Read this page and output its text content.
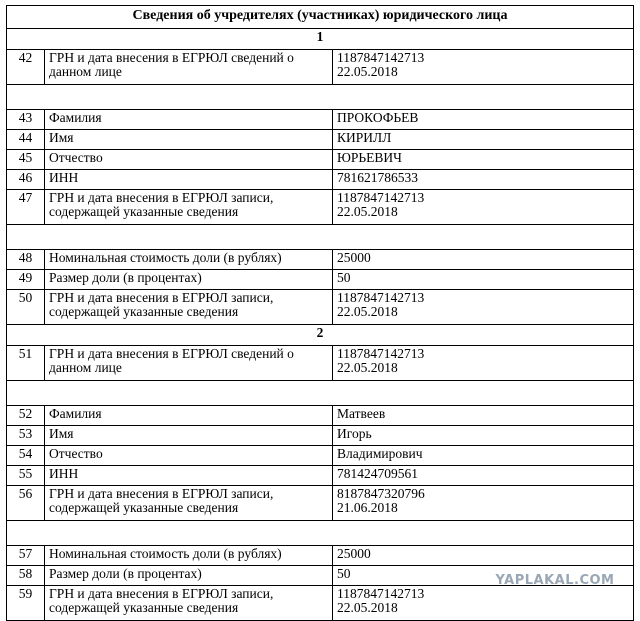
Сведения об учредителях (участниках) юридического лица		
1		
42	ГРН и дата внесения в ЕГРЮЛ сведений о
данном лице	1187847142713
22.05.2018

43	Фамилия	ПРОКОФЬЕВ
44	Имя	КИРИЛЛ
45	Отчество	ЮРЬЕВИЧ
46	ИНН	781621786533
47	ГРН и дата внесения в ЕГРЮЛ записи,
содержащей указанные сведения	1187847142713
22.05.2018

48	Номинальная стоимость доли (в рублях)	25000
49	Размер доли (в процентах)	50
50	ГРН и дата внесения в ЕГРЮЛ записи,
содержащей указанные сведения	1187847142713
22.05.2018
2		
51	ГРН и дата внесения в ЕГРЮЛ сведений о
данном лице	1187847142713
22.05.2018

52	Фамилия	Матвеев
53	Имя	Игорь
54	Отчество	Владимирович
55	ИНН	781424709561
56	ГРН и дата внесения в ЕГРЮЛ записи,
содержащей указанные сведения	8187847320796
21.06.2018

57	Номинальная стоимость доли (в рублях)	25000
58	Размер доли (в процентах)	50
59	ГРН и дата внесения в ЕГРЮЛ записи,
содержащей указанные сведения	1187847142713
22.05.2018
YAPLAKAL.COM
